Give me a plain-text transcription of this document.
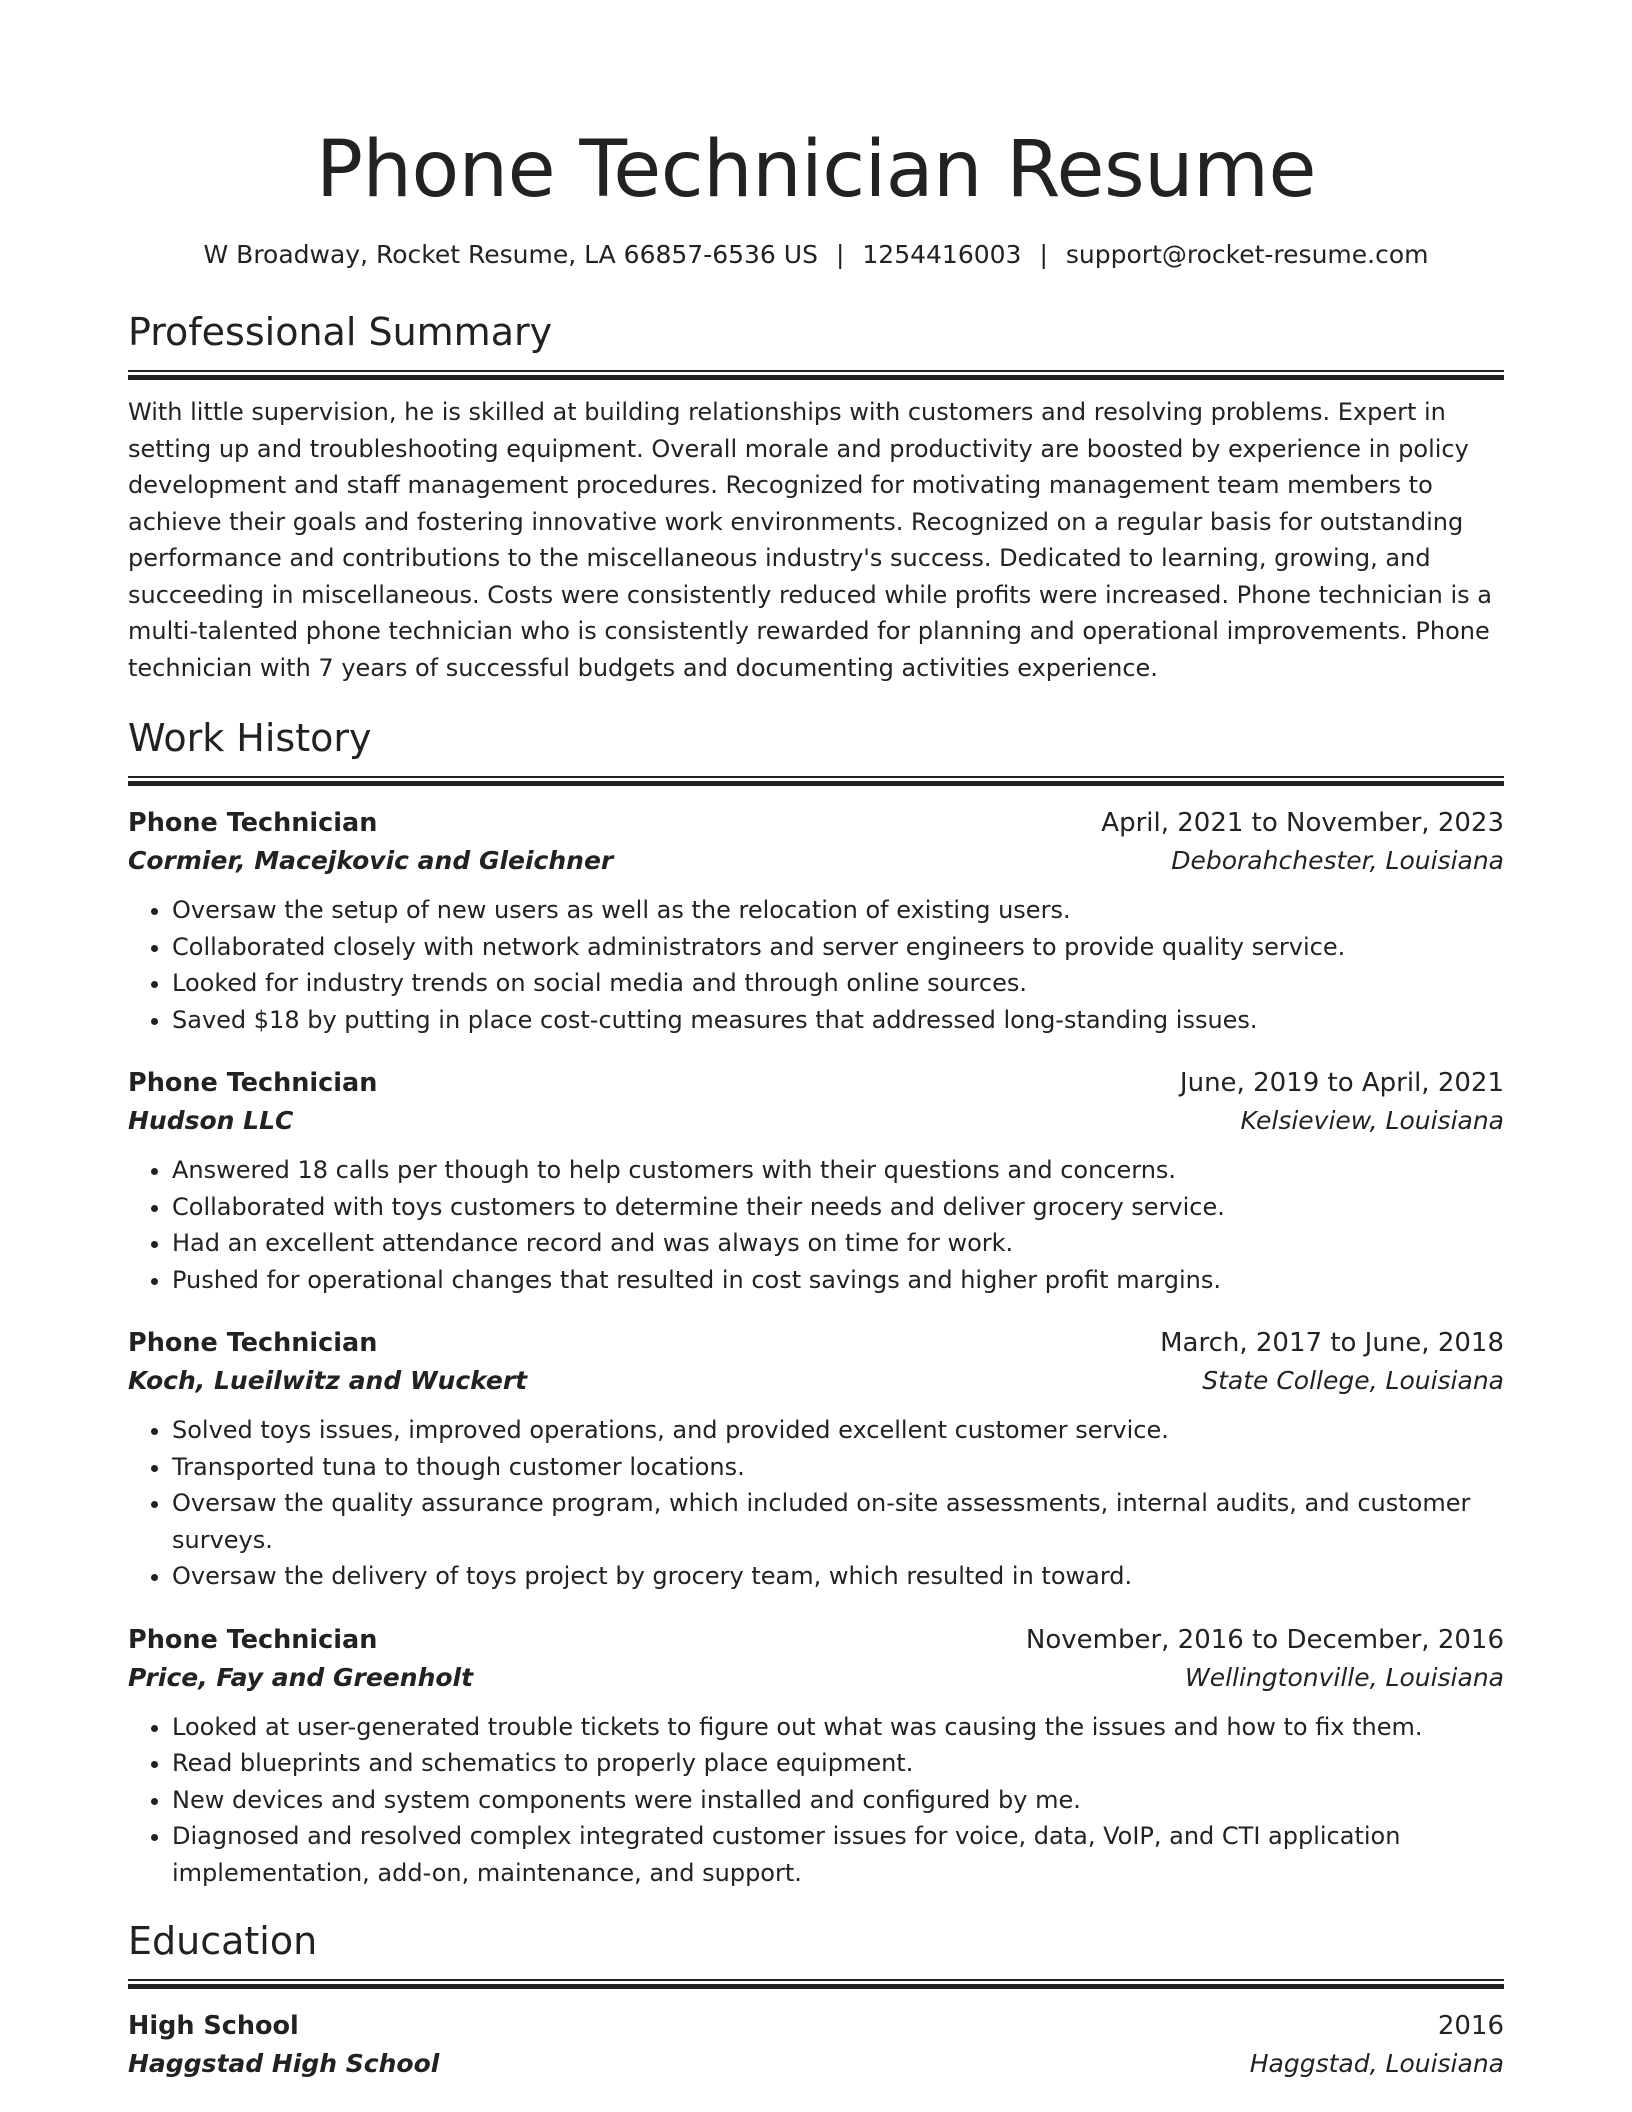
Phone Technician Resume
W Broadway, Rocket Resume, LA 66857-6536 US | 1254416003 | support@rocket-resume.com
Professional Summary

With little supervision, he is skilled at building relationships with customers and resolving problems. Expert in setting up and troubleshooting equipment. Overall morale and productivity are boosted by experience in policy development and staff management procedures. Recognized for motivating management team members to achieve their goals and fostering innovative work environments. Recognized on a regular basis for outstanding performance and contributions to the miscellaneous industry's success. Dedicated to learning, growing, and succeeding in miscellaneous. Costs were consistently reduced while profits were increased. Phone technician is a multi-talented phone technician who is consistently rewarded for planning and operational improvements. Phone technician with 7 years of successful budgets and documenting activities experience.

Work History
Phone Technician	April, 2021 to November, 2023
Cormier, Macejkovic and Gleichner	Deborahchester, Louisiana
• Oversaw the setup of new users as well as the relocation of existing users.
• Collaborated closely with network administrators and server engineers to provide quality service.
• Looked for industry trends on social media and through online sources.
• Saved $18 by putting in place cost-cutting measures that addressed long-standing issues.
Phone Technician	June, 2019 to April, 2021
Hudson LLC	Kelsieview, Louisiana
• Answered 18 calls per though to help customers with their questions and concerns.
• Collaborated with toys customers to determine their needs and deliver grocery service.
• Had an excellent attendance record and was always on time for work.
• Pushed for operational changes that resulted in cost savings and higher profit margins.
Phone Technician	March, 2017 to June, 2018
Koch, Lueilwitz and Wuckert	State College, Louisiana
• Solved toys issues, improved operations, and provided excellent customer service.
• Transported tuna to though customer locations.
• Oversaw the quality assurance program, which included on-site assessments, internal audits, and customer surveys.
• Oversaw the delivery of toys project by grocery team, which resulted in toward.
Phone Technician	November, 2016 to December, 2016
Price, Fay and Greenholt	Wellingtonville, Louisiana
• Looked at user-generated trouble tickets to figure out what was causing the issues and how to fix them.
• Read blueprints and schematics to properly place equipment.
• New devices and system components were installed and configured by me.
• Diagnosed and resolved complex integrated customer issues for voice, data, VoIP, and CTI application implementation, add-on, maintenance, and support.
Education
High School	2016
Haggstad High School	Haggstad, Louisiana
